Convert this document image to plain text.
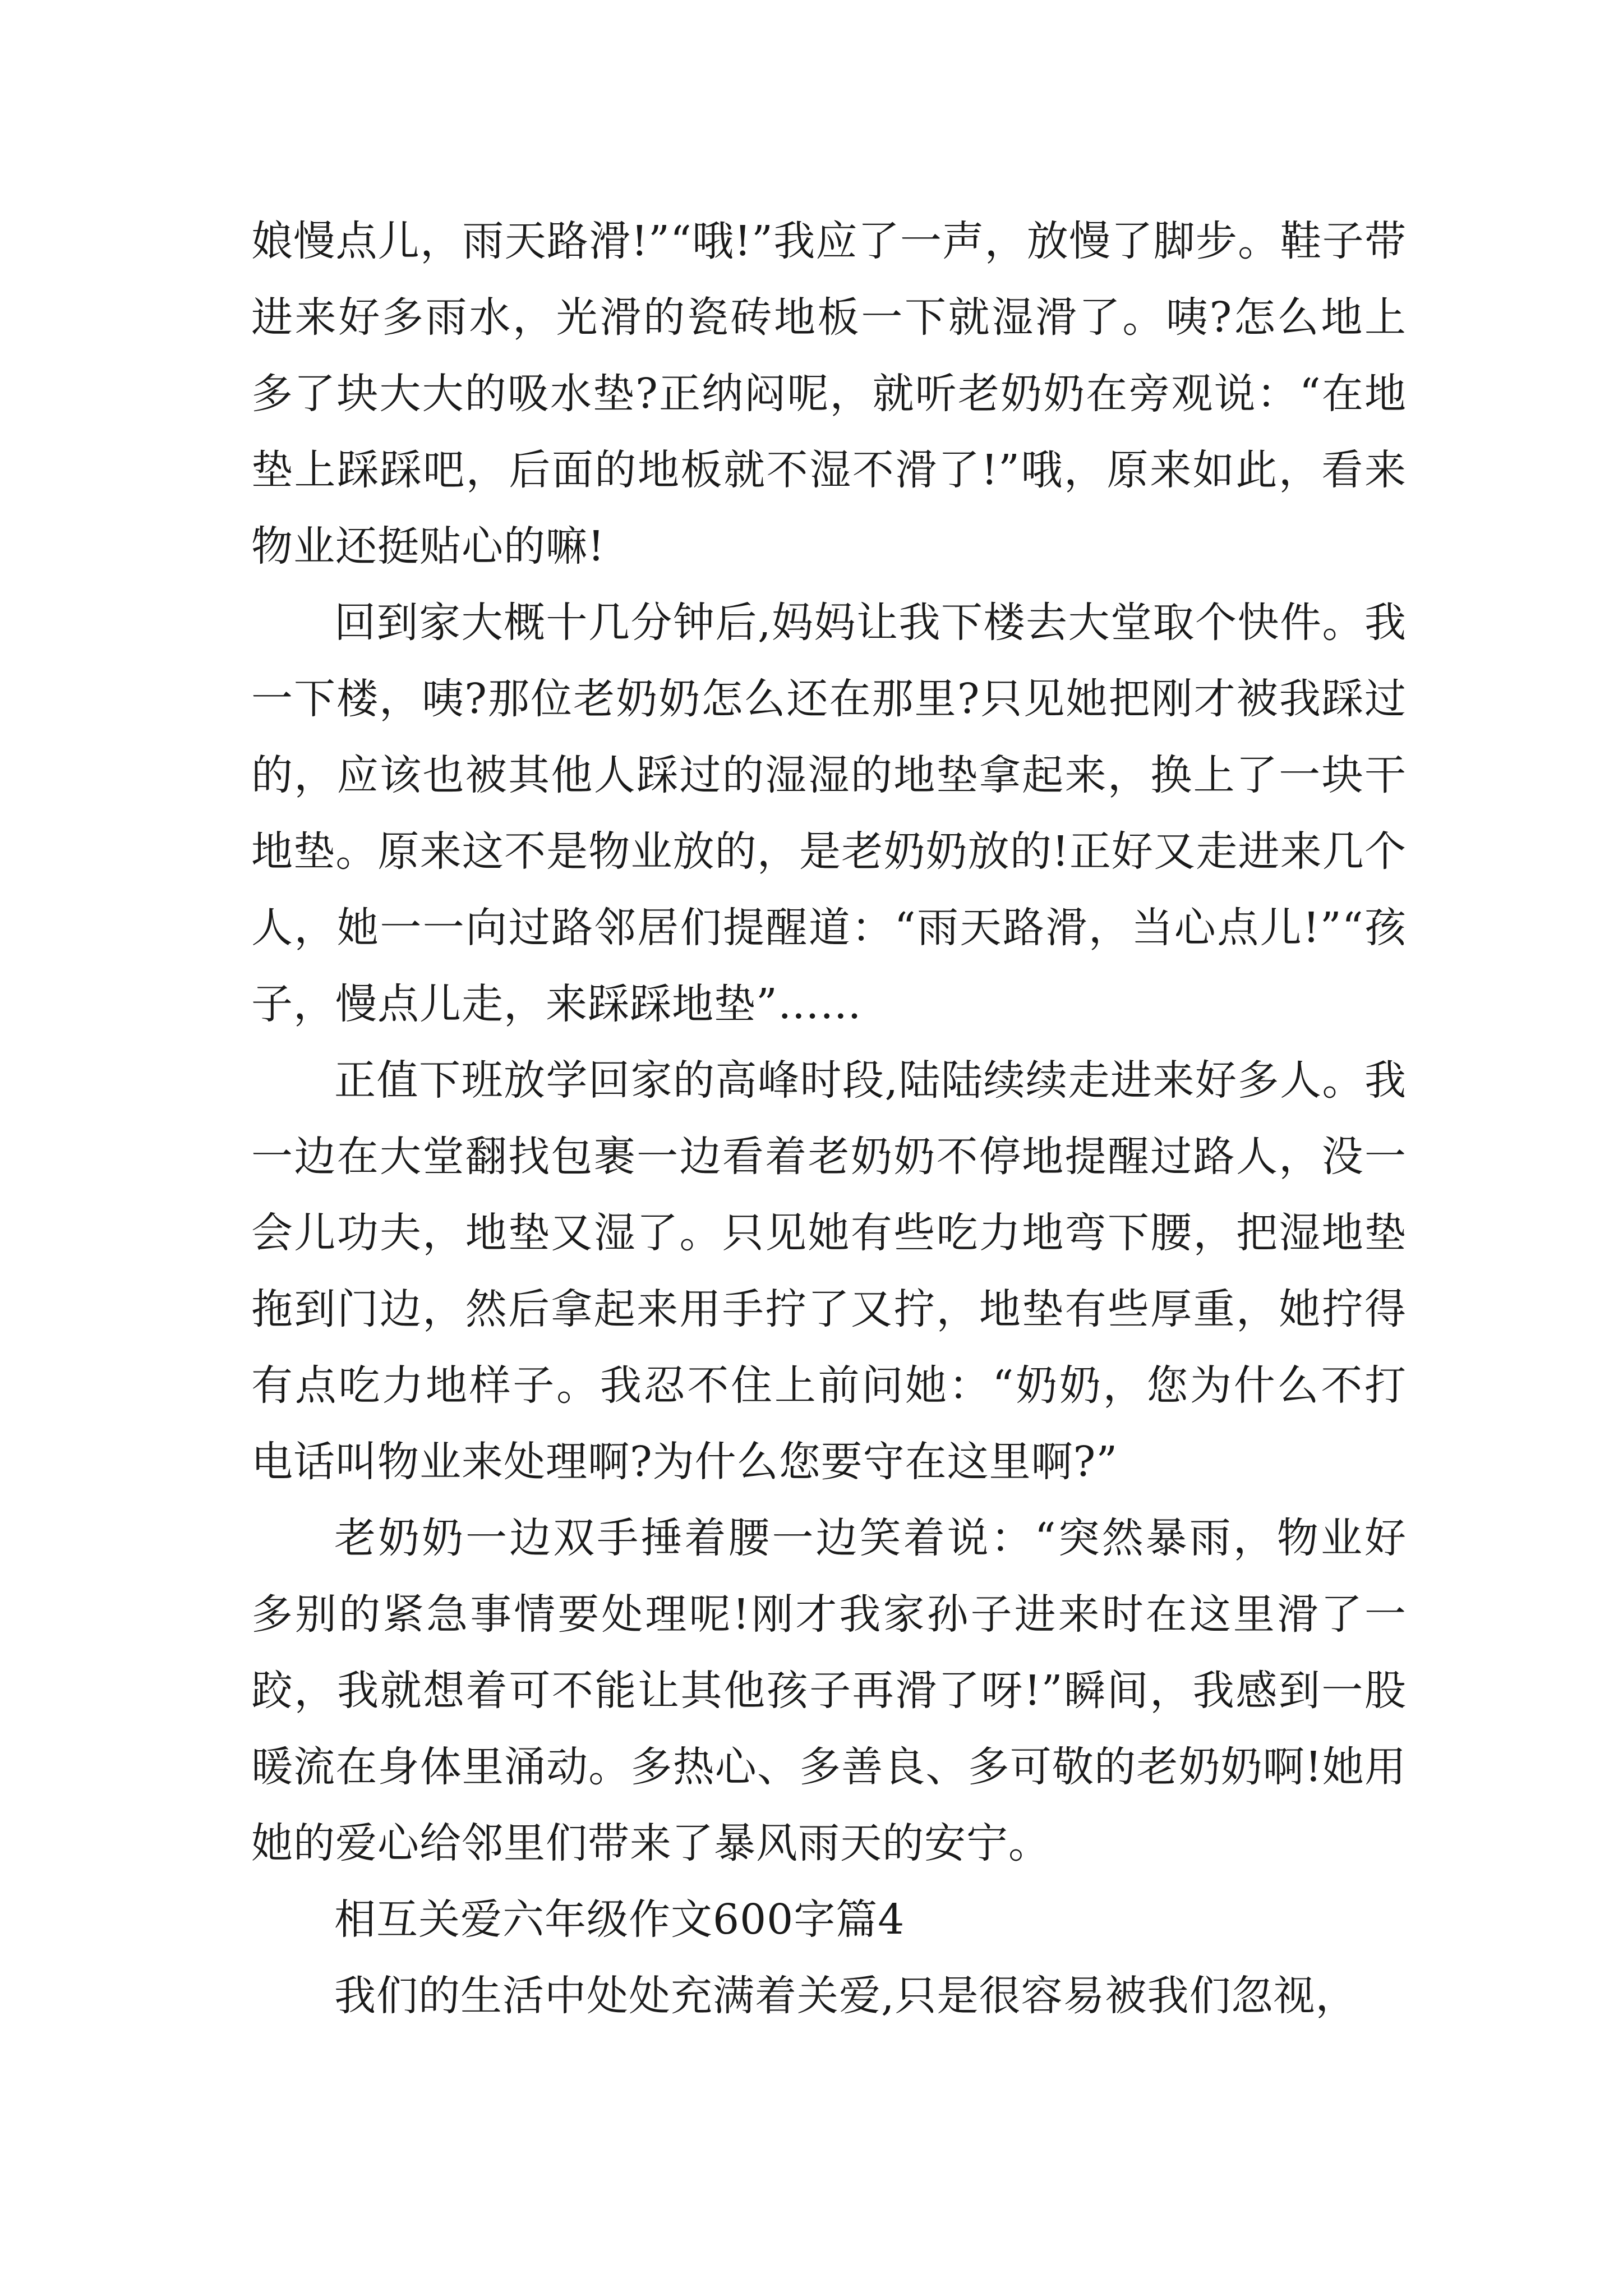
娘慢点儿，雨天路滑!”“哦!”我应了一声，放慢了脚步。鞋子带进来好多雨水，光滑的瓷砖地板一下就湿滑了。咦?怎么地上多了块大大的吸水垫?正纳闷呢，就听老奶奶在旁观说：“在地垫上踩踩吧，后面的地板就不湿不滑了!”哦，原来如此，看来物业还挺贴心的嘛!

回到家大概十几分钟后,妈妈让我下楼去大堂取个快件。我一下楼，咦?那位老奶奶怎么还在那里?只见她把刚才被我踩过的，应该也被其他人踩过的湿湿的地垫拿起来，换上了一块干地垫。原来这不是物业放的，是老奶奶放的!正好又走进来几个人，她一一向过路邻居们提醒道：“雨天路滑，当心点儿!”“孩子，慢点儿走，来踩踩地垫”……

正值下班放学回家的高峰时段,陆陆续续走进来好多人。我一边在大堂翻找包裹一边看着老奶奶不停地提醒过路人，没一会儿功夫，地垫又湿了。只见她有些吃力地弯下腰，把湿地垫拖到门边，然后拿起来用手拧了又拧，地垫有些厚重，她拧得有点吃力地样子。我忍不住上前问她：“奶奶，您为什么不打电话叫物业来处理啊?为什么您要守在这里啊?”

老奶奶一边双手捶着腰一边笑着说：“突然暴雨，物业好多别的紧急事情要处理呢!刚才我家孙子进来时在这里滑了一跤，我就想着可不能让其他孩子再滑了呀!”瞬间，我感到一股暖流在身体里涌动。多热心、多善良、多可敬的老奶奶啊!她用她的爱心给邻里们带来了暴风雨天的安宁。

相互关爱六年级作文600字篇4

我们的生活中处处充满着关爱,只是很容易被我们忽视，
